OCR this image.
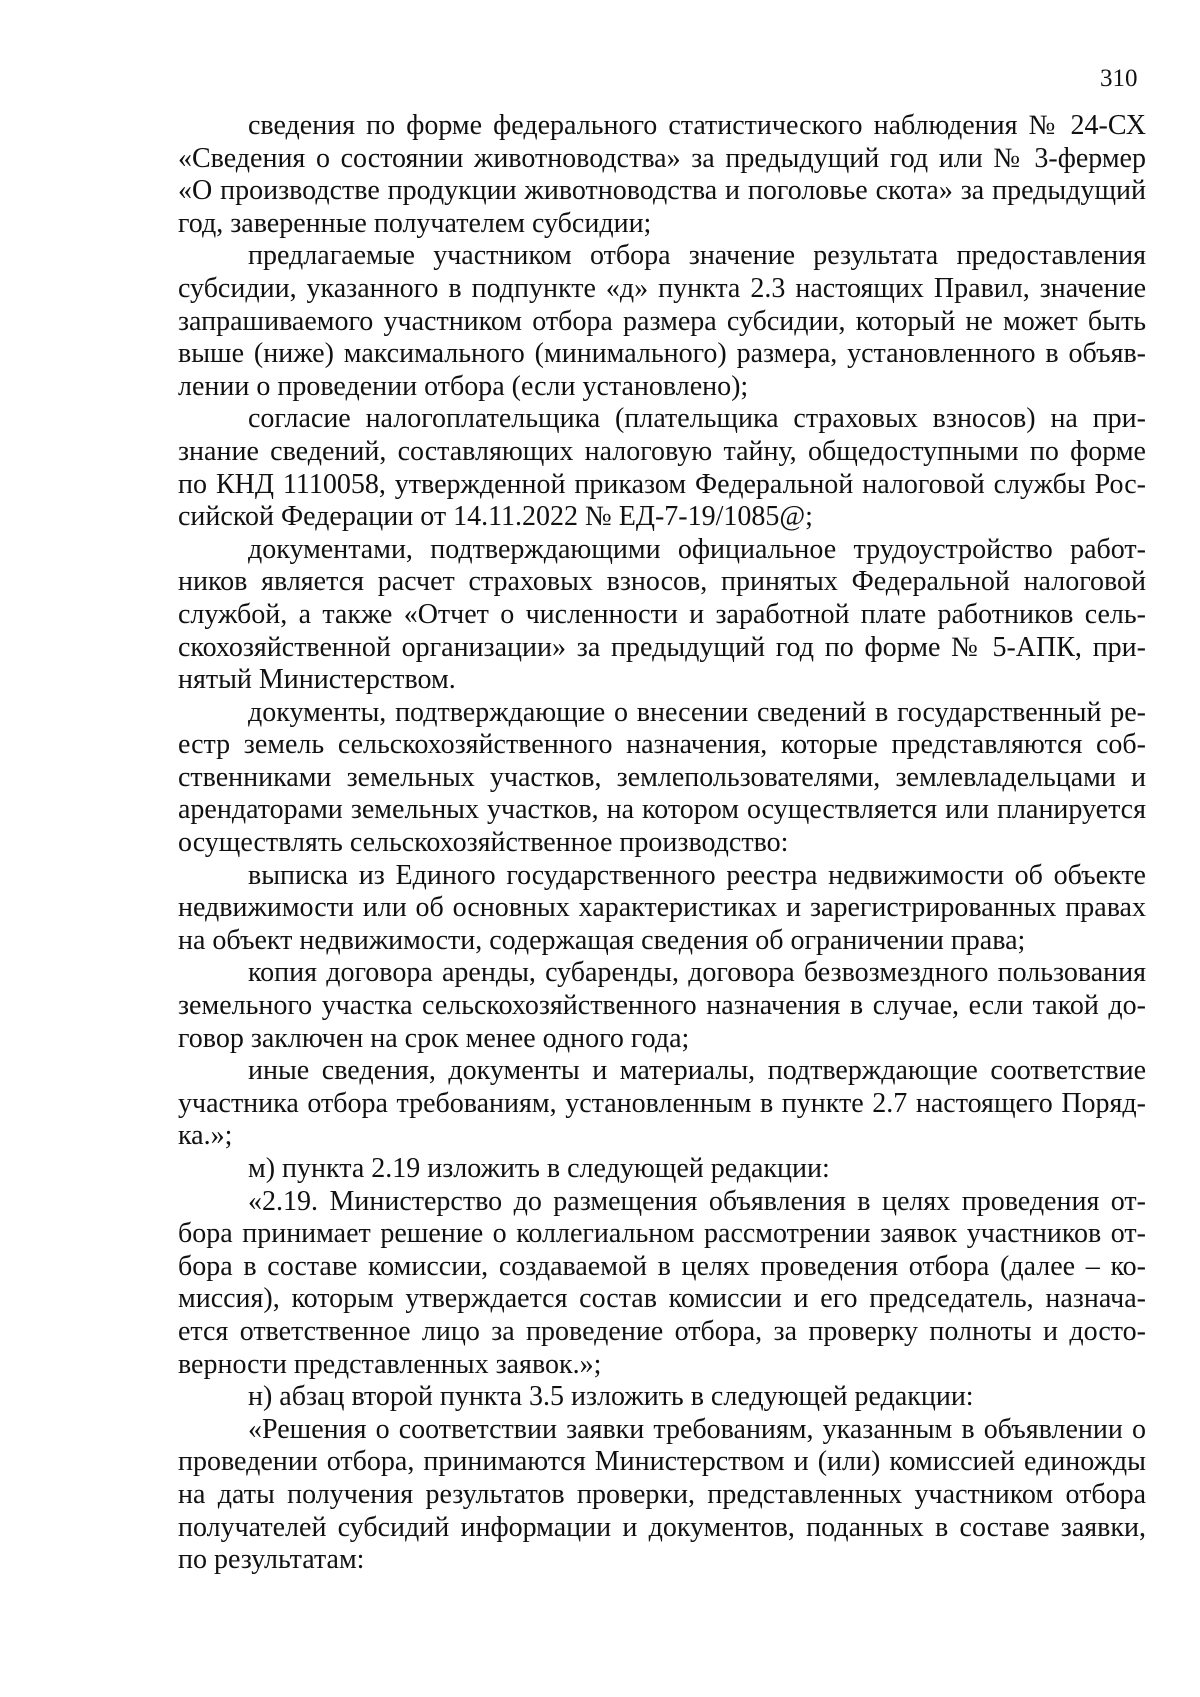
310

сведения по форме федерального статистического наблюдения № 24-СХ «Сведения о состоянии животноводства» за предыдущий год или № 3-фермер «О производстве продукции животноводства и поголовье скота» за предыдущий год, заверенные получателем субсидии;

предлагаемые участником отбора значение результата предоставления субсидии, указанного в подпункте «д» пункта 2.3 настоящих Правил, значение запрашиваемого участником отбора размера субсидии, который не может быть выше (ниже) максимального (минимального) размера, установленного в объявлении о проведении отбора (если установлено);

согласие налогоплательщика (плательщика страховых взносов) на признание сведений, составляющих налоговую тайну, общедоступными по форме по КНД 1110058, утвержденной приказом Федеральной налоговой службы Российской Федерации от 14.11.2022 № ЕД-7-19/1085@;

документами, подтверждающими официальное трудоустройство работников является расчет страховых взносов, принятых Федеральной налоговой службой, а также «Отчет о численности и заработной плате работников сельскохозяйственной организации» за предыдущий год по форме № 5-АПК, принятый Министерством.

документы, подтверждающие о внесении сведений в государственный реестр земель сельскохозяйственного назначения, которые представляются собственниками земельных участков, землепользователями, землевладельцами и арендаторами земельных участков, на котором осуществляется или планируется осуществлять сельскохозяйственное производство:

выписка из Единого государственного реестра недвижимости об объекте недвижимости или об основных характеристиках и зарегистрированных правах на объект недвижимости, содержащая сведения об ограничении права;

копия договора аренды, субаренды, договора безвозмездного пользования земельного участка сельскохозяйственного назначения в случае, если такой договор заключен на срок менее одного года;

иные сведения, документы и материалы, подтверждающие соответствие участника отбора требованиям, установленным в пункте 2.7 настоящего Порядка.»;

м) пункта 2.19 изложить в следующей редакции:

«2.19. Министерство до размещения объявления в целях проведения отбора принимает решение о коллегиальном рассмотрении заявок участников отбора в составе комиссии, создаваемой в целях проведения отбора (далее – комиссия), которым утверждается состав комиссии и его председатель, назначается ответственное лицо за проведение отбора, за проверку полноты и достоверности представленных заявок.»;

н) абзац второй пункта 3.5 изложить в следующей редакции:

«Решения о соответствии заявки требованиям, указанным в объявлении о проведении отбора, принимаются Министерством и (или) комиссией единожды на даты получения результатов проверки, представленных участником отбора получателей субсидий информации и документов, поданных в составе заявки, по результатам:
